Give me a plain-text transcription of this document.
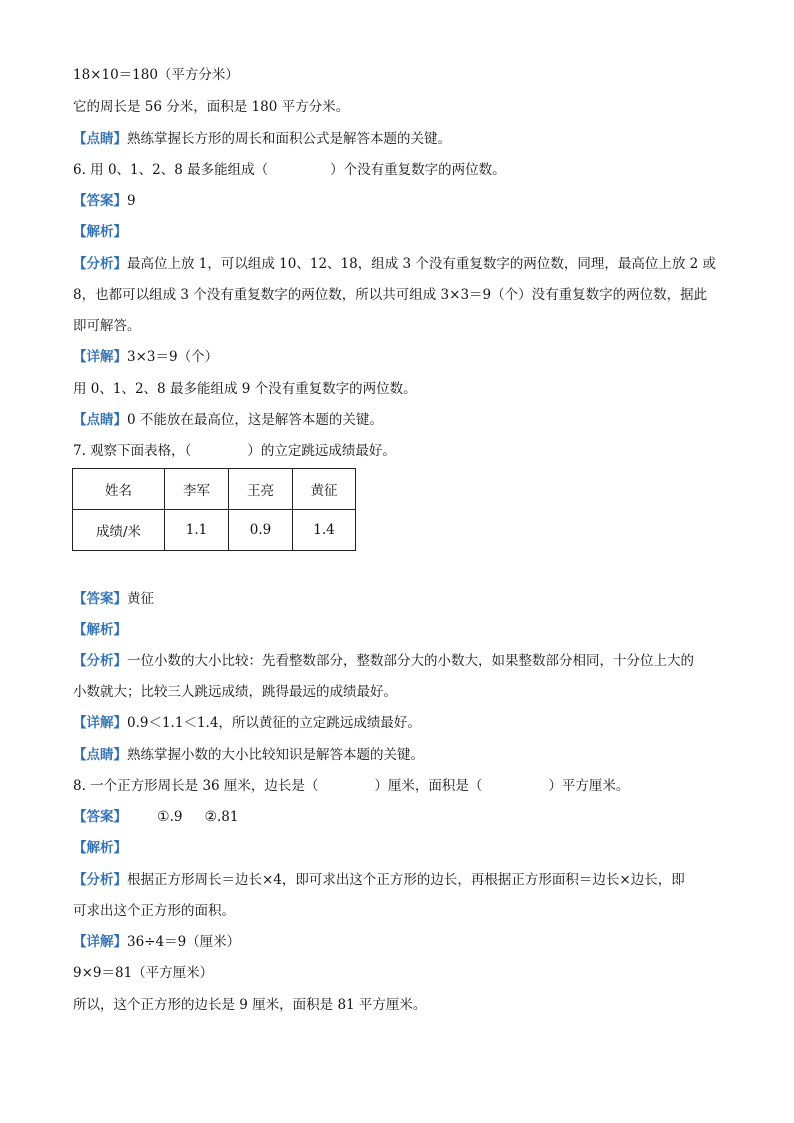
18×10＝180（平方分米）
它的周长是 56 分米，面积是 180 平方分米。
【点睛】熟练掌握长方形的周长和面积公式是解答本题的关键。
6. 用 0、1、2、8 最多能组成（	）个没有重复数字的两位数。
【答案】9
【解析】
【分析】最高位上放 1，可以组成 10、12、18，组成 3 个没有重复数字的两位数，同理，最高位上放 2 或
8，也都可以组成 3 个没有重复数字的两位数，所以共可组成 3×3＝9（个）没有重复数字的两位数，据此
即可解答。
【详解】3×3＝9（个）
用 0、1、2、8 最多能组成 9 个没有重复数字的两位数。
【点睛】0 不能放在最高位，这是解答本题的关键。
7. 观察下面表格，（	）的立定跳远成绩最好。
姓名	李军	王亮	黄征
成绩/米	1.1	0.9	1.4
【答案】黄征
【解析】
【分析】一位小数的大小比较：先看整数部分，整数部分大的小数大，如果整数部分相同，十分位上大的
小数就大；比较三人跳远成绩，跳得最远的成绩最好。
【详解】0.9＜1.1＜1.4，所以黄征的立定跳远成绩最好。
【点睛】熟练掌握小数的大小比较知识是解答本题的关键。
8. 一个正方形周长是 36 厘米，边长是（	）厘米，面积是（	）平方厘米。
【答案】 ①.9 ②.81
【解析】
【分析】根据正方形周长＝边长×4，即可求出这个正方形的边长，再根据正方形面积＝边长×边长，即
可求出这个正方形的面积。
【详解】36÷4＝9（厘米）
9×9＝81（平方厘米）
所以，这个正方形的边长是 9 厘米，面积是 81 平方厘米。
